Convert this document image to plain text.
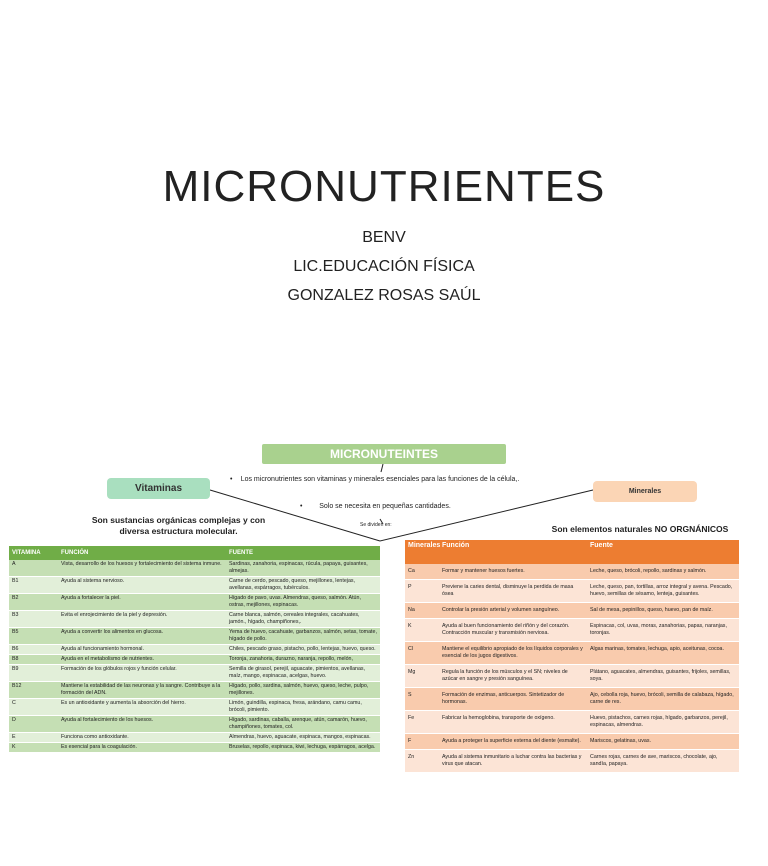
MICRONUTRIENTES
BENV
LIC.EDUCACIÓN FÍSICA
GONZALEZ ROSAS SAÚL
MICRONUTEINTES
Vitaminas	Minerales
• Los micronutrientes son vitaminas y minerales esenciales para las funciones de la célula,.
• Solo se necesita en pequeñas cantidades.
Se dividen en:
Son sustancias orgánicas complejas y con diversa estructura molecular.	Son elementos naturales NO ORGNÁNICOS
VITAMINA	FUNCIÓN	FUENTE
A	Vista, desarrollo de los huesos y fortalecimiento del sistema inmune.	Sardinas, zanahoria, espinacas, rúcula, papaya, guisantes, almejas.
B1	Ayuda al sistema nervioso.	Carne de cerdo, pescado, queso, mejillones, lentejas, avellanas, espárragos, tubérculos.
B2	Ayuda a fortalecer la piel.	Hígado de pavo, uvas. Almendras, queso, salmón. Atún, ostras, mejillones, espinacas.
B3	Evita el enrojecimiento de la piel y depresión.	Carne blanca, salmón, cereales integrales, cacahuates, jamón., hígado, champiñones,.
B5	Ayuda a convertir los alimentos en glucosa.	Yema de huevo, cacahuate, garbanzos, salmón, setas, tomate, hígado de pollo.
B6	Ayuda al funcionamiento hormonal.	Chiles, pescado graso, pistacho, pollo, lentejas, huevo, queso.
B8	Ayuda en el metabolismo de nutrientes.	Toronja, zanahoria, durazno, naranja, repollo, melón,
B9	Formación de los glóbulos rojos y función celular.	Semilla de girasol, perejil, aguacate, pimientos, avellanas, maíz, mango, espinacas, acelgas, huevo.
B12	Mantiene la estabilidad de las neuronas y la sangre. Contribuye a la formación del ADN.	Hígado, pollo, sardina, salmón, huevo, queso, leche, pulpo, mejillones.
C	Es un antioxidante y aumenta la absorción del hierro.	Limón, guindilla, espinaca, fresa, arándano, camu camu, brócoli, pimiento.
D	Ayuda al fortalecimiento de los huesos.	Hígado, sardinas, caballa, arenque, atún, camarón, huevo, champiñones, tomates, col.
E	Funciona como antioxidante.	Almendras, huevo, aguacate, espinaca, mangos, espinacas.
K	Es esencial para la coagulación.	Bruselas, repollo, espinaca, kiwi, lechuga, espárragos, acelga.
Minerales	Función	Fuente
Ca	Formar y mantener huesos fuertes.	Leche, queso, brócoli, repollo, sardinas y salmón.
P	Previene la caries dental, disminuye la perdida de masa ósea	Leche, queso, pan, tortillas, arroz integral y avena. Pescado, huevo, semillas de sésamo, lenteja, guisantes.
Na	Controlar la presión arterial y volumen sanguíneo.	Sal de mesa, pepinillos, queso, huevo, pan de maíz.
K	Ayuda al buen funcionamiento del riñón y del corazón. Contracción muscular y transmisión nerviosa.	Espinacas, col, uvas, moras, zanahorias, papas, naranjas, toronjas.
Cl	Mantiene el equilibrio apropiado de los líquidos corporales y esencial de los jugos digestivos.	Algas marinas, tomates, lechuga, apio, aceitunas, cocoa.
Mg	Regula la función de los músculos y el SN; niveles de azúcar en sangre y presión sanguínea.	Plátano, aguacates, almendras, guisantes, frijoles, semillas, soya.
S	Formación de enzimas, anticuerpos. Sintetizador de hormonas.	Ajo, cebolla roja, huevo, brócoli, semilla de calabaza, hígado, carne de res.
Fe	Fabricar la hemoglobina, transporte de oxígeno.	Huevo, pistachos, carnes rojas, hígado, garbanzos, perejil, espinacas, almendras.
F	Ayuda a proteger la superficie externa del diente (esmalte).	Mariscos, gelatinas, uvas.
Zn	Ayuda al sistema inmunitario a luchar contra las bacterias y virus que atacan.	Carnes rojas, carnes de ave, mariscos, chocolate, ajo, sandía, papaya.
